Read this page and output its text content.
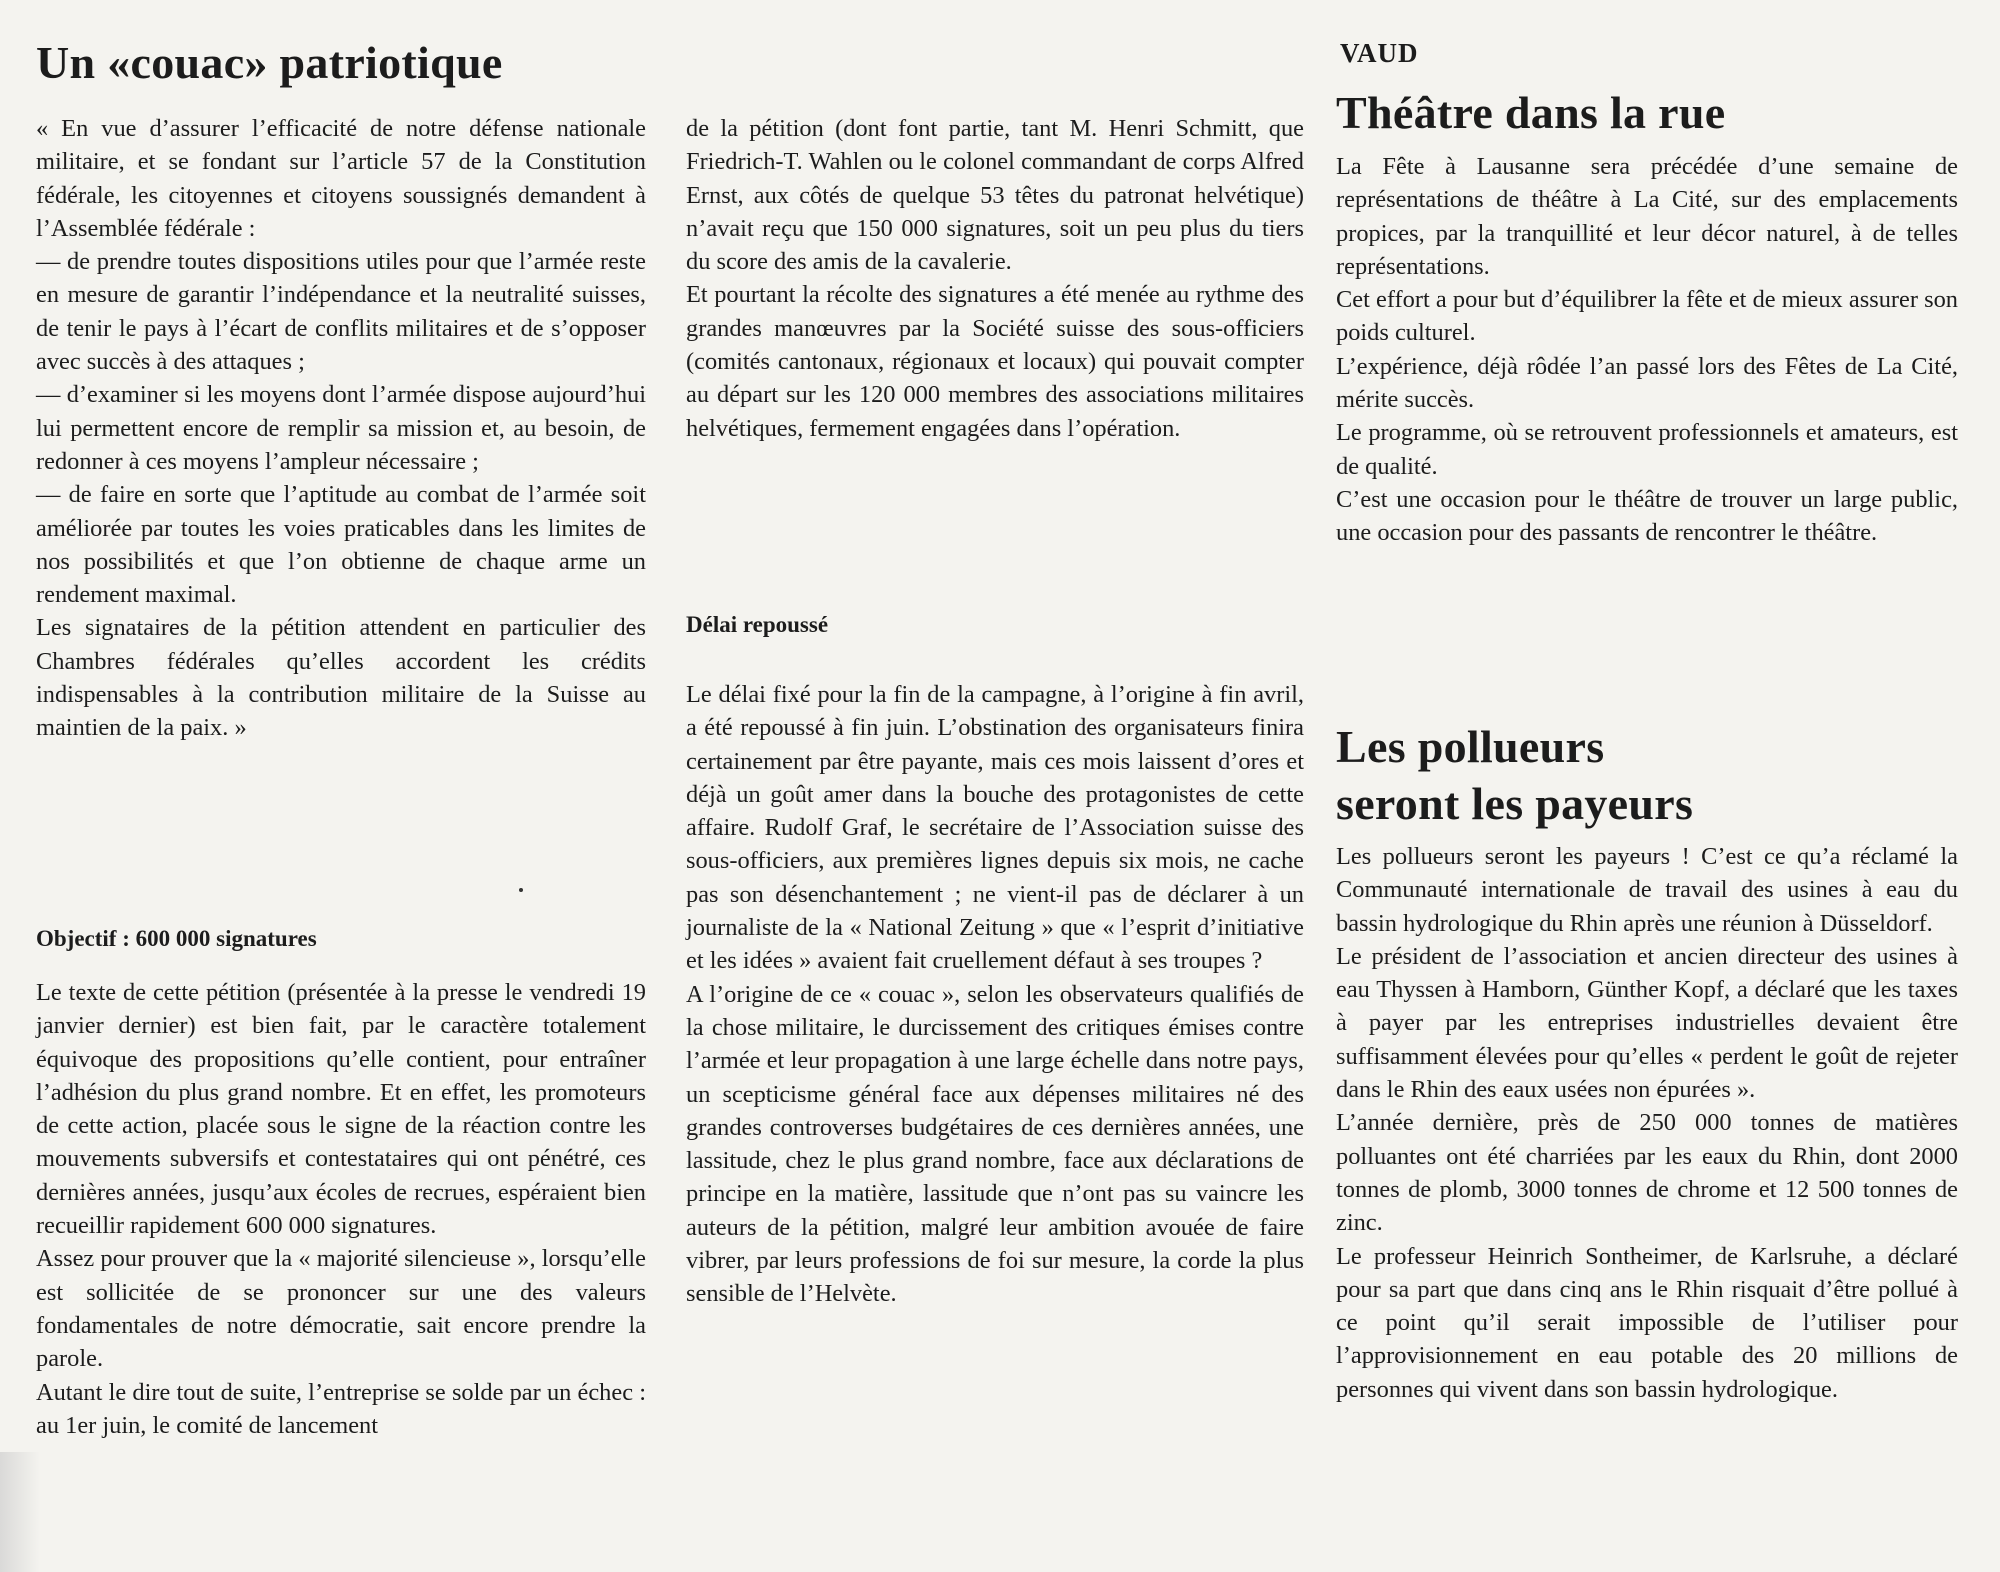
Un «couac» patriotique

« En vue d’assurer l’efficacité de notre défense nationale militaire, et se fondant sur l’article 57 de la Constitution fédérale, les citoyennes et citoyens soussignés demandent à l’Assemblée fédérale :

— de prendre toutes dispositions utiles pour que l’armée reste en mesure de garantir l’indépendance et la neutralité suisses, de tenir le pays à l’écart de conflits militaires et de s’opposer avec succès à des attaques ;

— d’examiner si les moyens dont l’armée dispose aujourd’hui lui permettent encore de remplir sa mission et, au besoin, de redonner à ces moyens l’ampleur nécessaire ;

— de faire en sorte que l’aptitude au combat de l’armée soit améliorée par toutes les voies praticables dans les limites de nos possibilités et que l’on obtienne de chaque arme un rendement maximal.

Les signataires de la pétition attendent en particulier des Chambres fédérales qu’elles accordent les crédits indispensables à la contribution militaire de la Suisse au maintien de la paix. »

Objectif : 600 000 signatures

Le texte de cette pétition (présentée à la presse le vendredi 19 janvier dernier) est bien fait, par le caractère totalement équivoque des propositions qu’elle contient, pour entraîner l’adhésion du plus grand nombre. Et en effet, les promoteurs de cette action, placée sous le signe de la réaction contre les mouvements subversifs et contestataires qui ont pénétré, ces dernières années, jusqu’aux écoles de recrues, espéraient bien recueillir rapidement 600 000 signatures.

Assez pour prouver que la « majorité silencieuse », lorsqu’elle est sollicitée de se prononcer sur une des valeurs fondamentales de notre démocratie, sait encore prendre la parole.

Autant le dire tout de suite, l’entreprise se solde par un échec : au 1er juin, le comité de lancement

de la pétition (dont font partie, tant M. Henri Schmitt, que Friedrich-T. Wahlen ou le colonel commandant de corps Alfred Ernst, aux côtés de quelque 53 têtes du patronat helvétique) n’avait reçu que 150 000 signatures, soit un peu plus du tiers du score des amis de la cavalerie.

Et pourtant la récolte des signatures a été menée au rythme des grandes manœuvres par la Société suisse des sous-officiers (comités cantonaux, régionaux et locaux) qui pouvait compter au départ sur les 120 000 membres des associations militaires helvétiques, fermement engagées dans l’opération.

Délai repoussé

Le délai fixé pour la fin de la campagne, à l’origine à fin avril, a été repoussé à fin juin. L’obstination des organisateurs finira certainement par être payante, mais ces mois laissent d’ores et déjà un goût amer dans la bouche des protagonistes de cette affaire. Rudolf Graf, le secrétaire de l’Association suisse des sous-officiers, aux premières lignes depuis six mois, ne cache pas son désenchantement ; ne vient-il pas de déclarer à un journaliste de la « National Zeitung » que « l’esprit d’initiative et les idées » avaient fait cruellement défaut à ses troupes ?

A l’origine de ce « couac », selon les observateurs qualifiés de la chose militaire, le durcissement des critiques émises contre l’armée et leur propagation à une large échelle dans notre pays, un scepticisme général face aux dépenses militaires né des grandes controverses budgétaires de ces dernières années, une lassitude, chez le plus grand nombre, face aux déclarations de principe en la matière, lassitude que n’ont pas su vaincre les auteurs de la pétition, malgré leur ambition avouée de faire vibrer, par leurs professions de foi sur mesure, la corde la plus sensible de l’Helvète.

VAUD
Théâtre dans la rue

La Fête à Lausanne sera précédée d’une semaine de représentations de théâtre à La Cité, sur des emplacements propices, par la tranquillité et leur décor naturel, à de telles représentations.

Cet effort a pour but d’équilibrer la fête et de mieux assurer son poids culturel.

L’expérience, déjà rôdée l’an passé lors des Fêtes de La Cité, mérite succès.

Le programme, où se retrouvent professionnels et amateurs, est de qualité.

C’est une occasion pour le théâtre de trouver un large public, une occasion pour des passants de rencontrer le théâtre.

Les pollueurs
seront les payeurs

Les pollueurs seront les payeurs ! C’est ce qu’a réclamé la Communauté internationale de travail des usines à eau du bassin hydrologique du Rhin après une réunion à Düsseldorf.

Le président de l’association et ancien directeur des usines à eau Thyssen à Hamborn, Günther Kopf, a déclaré que les taxes à payer par les entreprises industrielles devaient être suffisamment élevées pour qu’elles « perdent le goût de rejeter dans le Rhin des eaux usées non épurées ».

L’année dernière, près de 250 000 tonnes de matières polluantes ont été charriées par les eaux du Rhin, dont 2000 tonnes de plomb, 3000 tonnes de chrome et 12 500 tonnes de zinc.

Le professeur Heinrich Sontheimer, de Karlsruhe, a déclaré pour sa part que dans cinq ans le Rhin risquait d’être pollué à ce point qu’il serait impossible de l’utiliser pour l’approvisionnement en eau potable des 20 millions de personnes qui vivent dans son bassin hydrologique.
